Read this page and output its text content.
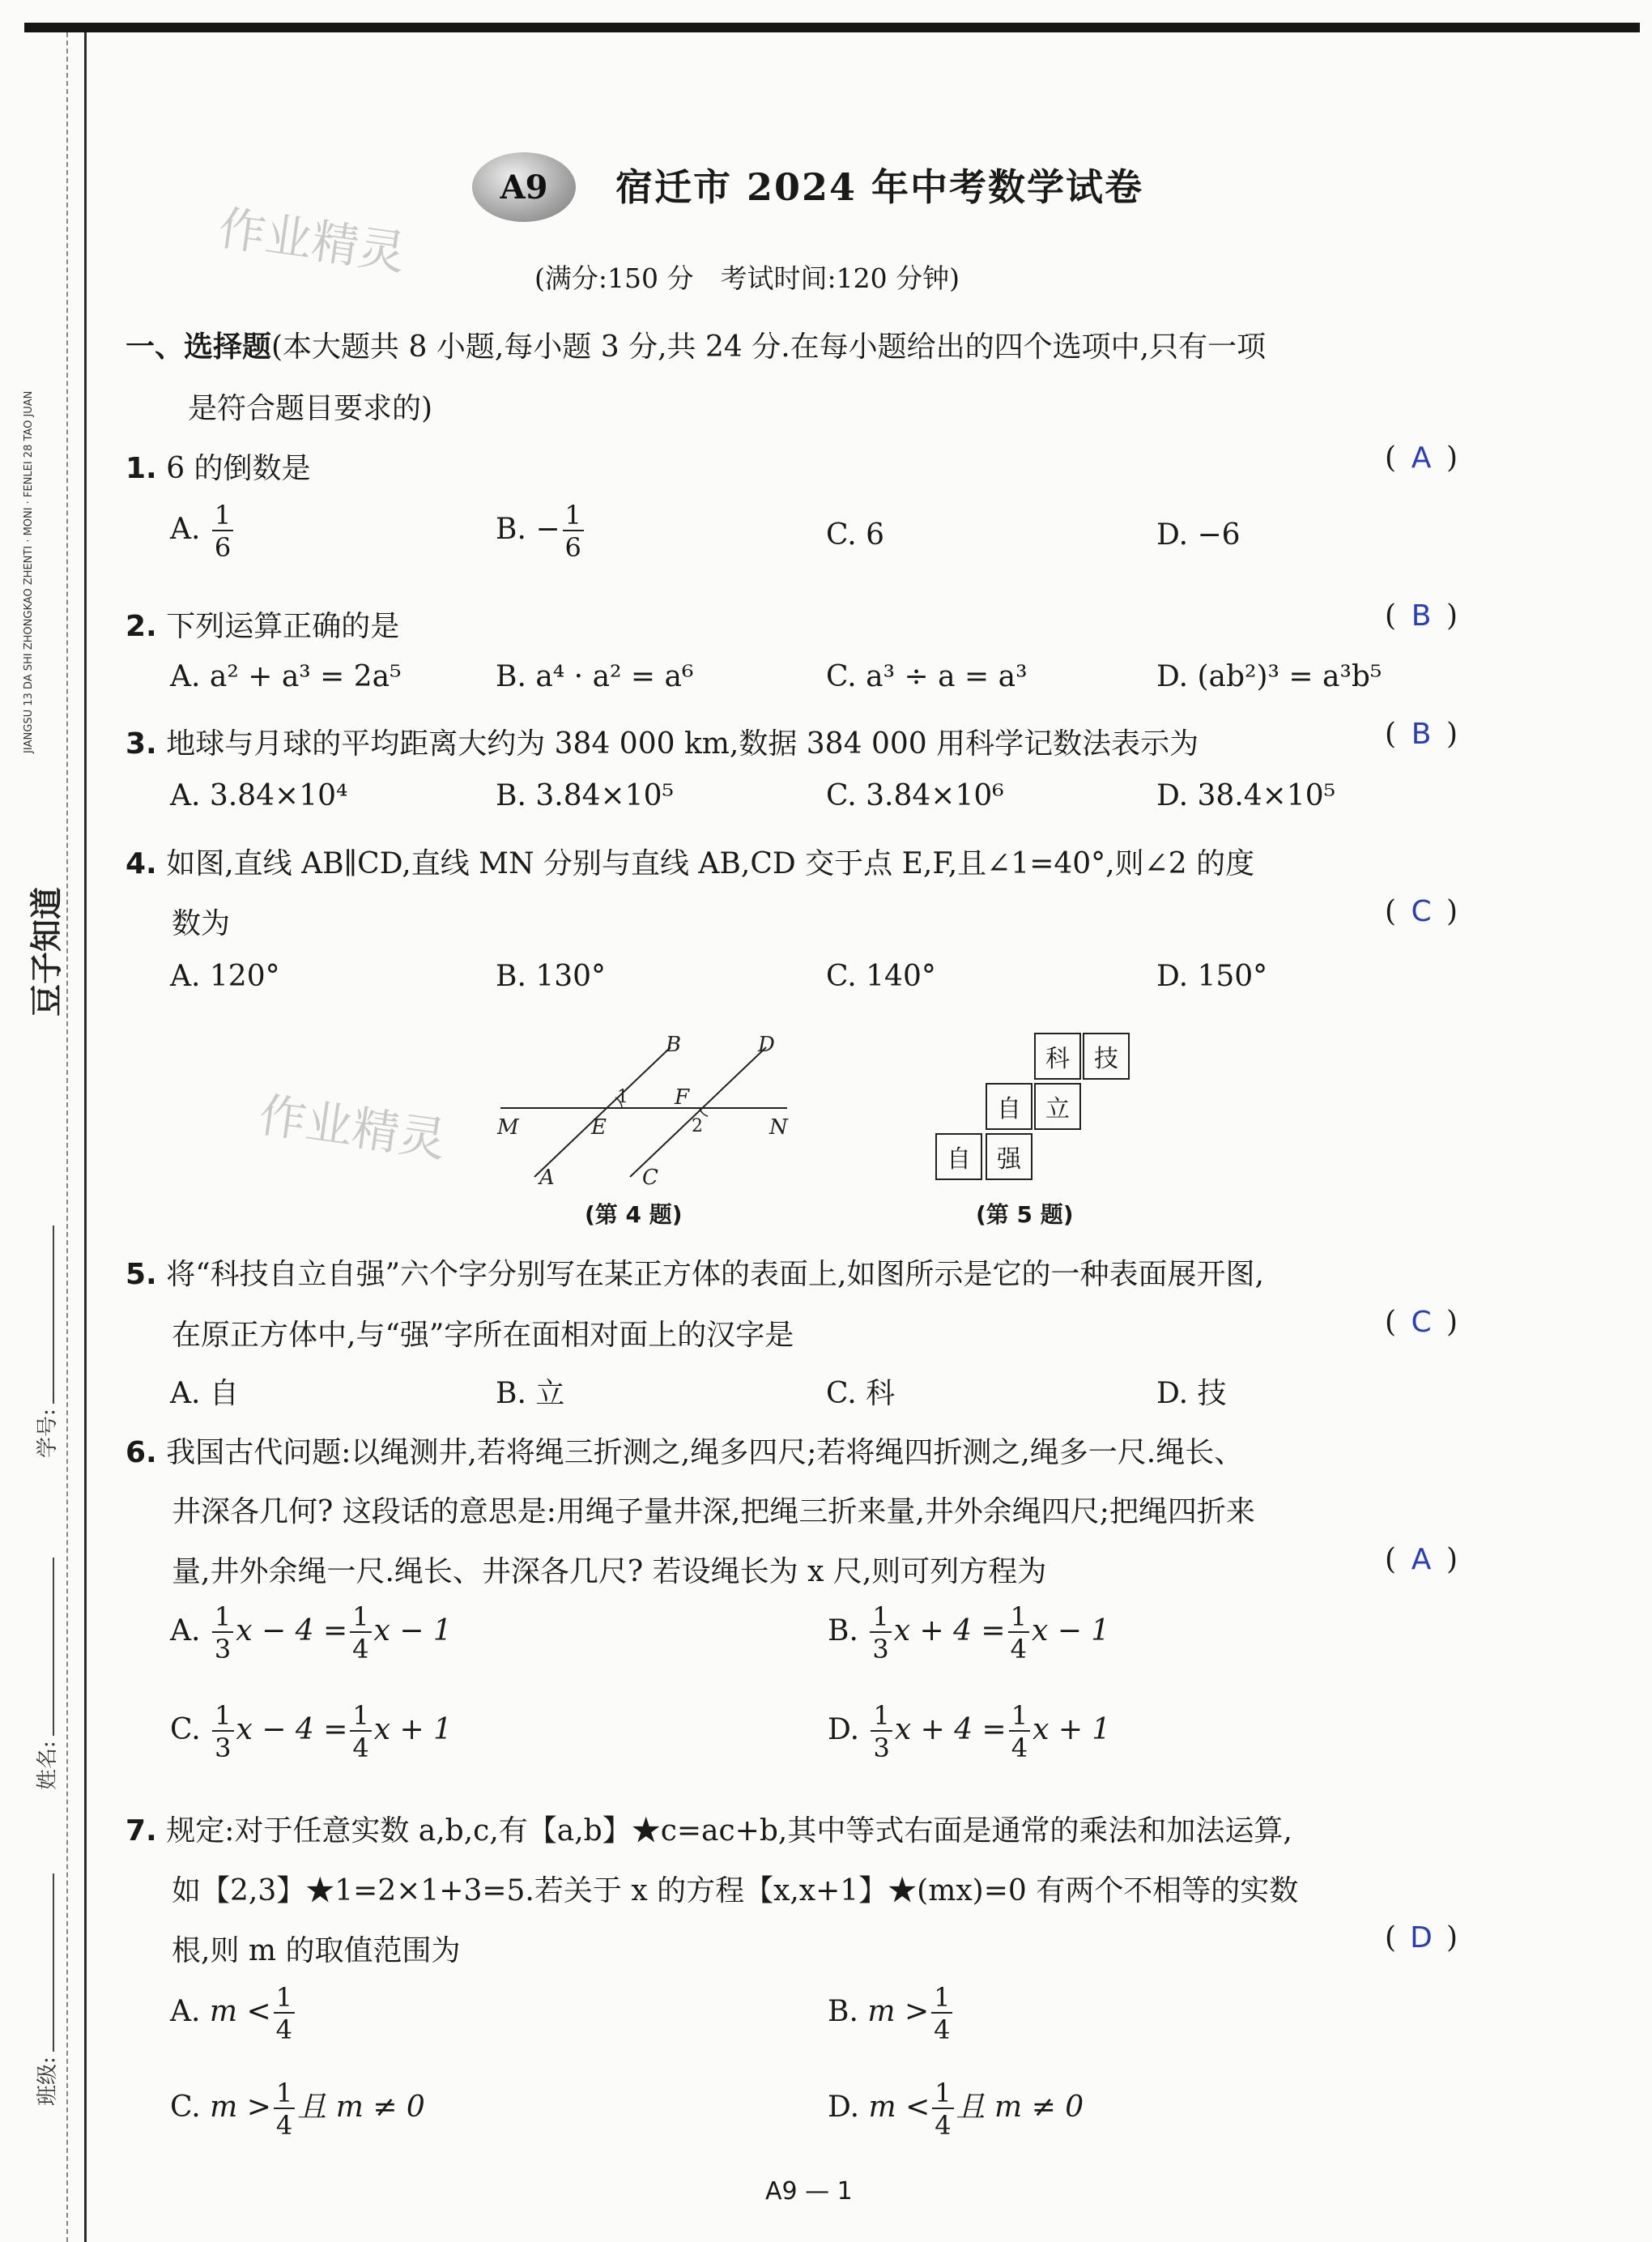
豆子知道
JIANGSU 13 DA SHI ZHONGKAO ZHENTI · MONI · FENLEI 28 TAO JUAN
班级:
姓名:
学号:
作业精灵
作业精灵
A9	宿迁市 2024 年中考数学试卷
(满分:150 分　考试时间:120 分钟)
一、选择题(本大题共 8 小题,每小题 3 分,共 24 分.在每小题给出的四个选项中,只有一项
是符合题目要求的)
1. 6 的倒数是	( A )
A. $\frac{1}{6}$	B. − $\frac{1}{6}$	C. 6	D. −6
2. 下列运算正确的是	( B )
A. a² + a³ = 2a⁵	B. a⁴ · a² = a⁶	C. a³ ÷ a = a³	D. (ab²)³ = a³b⁵
3. 地球与月球的平均距离大约为 384 000 km,数据 384 000 用科学记数法表示为	( B )
A. 3.84×10⁴	B. 3.84×10⁵	C. 3.84×10⁶	D. 38.4×10⁵
4. 如图,直线 AB∥CD,直线 MN 分别与直线 AB,CD 交于点 E,F,且∠1=40°,则∠2 的度
数为	( C )
A. 120°	B. 130°	C. 140°	D. 150°
B	D
M	E
F
N
A	C
1
2
(第 4 题)
科	技
自	立
自	强
(第 5 题)
5. 将“科技自立自强”六个字分别写在某正方体的表面上,如图所示是它的一种表面展开图,
在原正方体中,与“强”字所在面相对面上的汉字是	( C )
A. 自	B. 立	C. 科	D. 技
6. 我国古代问题:以绳测井,若将绳三折测之,绳多四尺;若将绳四折测之,绳多一尺.绳长、
井深各几何? 这段话的意思是:用绳子量井深,把绳三折来量,井外余绳四尺;把绳四折来
量,井外余绳一尺.绳长、井深各几尺? 若设绳长为 x 尺,则可列方程为	( A )
A. $\frac{1}{3}$ $x - 4 = \frac{1}{4}$ x − 1	B. $\frac{1}{3}$ $x + 4 = \frac{1}{4}$ x − 1
C. $\frac{1}{3}$ $x - 4 = \frac{1}{4}$ x + 1	D. $\frac{1}{3}$ $x + 4 = \frac{1}{4}$ x + 1
7. 规定:对于任意实数 a,b,c,有【a,b】★c=ac+b,其中等式右面是通常的乘法和加法运算,
如【2,3】★1=2×1+3=5.若关于 x 的方程【x,x+1】★(mx)=0 有两个不相等的实数
根,则 m 的取值范围为	( D )
A. $m < \frac{1}{4}$	B. $m > \frac{1}{4}$
C. $m > \frac{1}{4}$ 且 m ≠ 0	D. $m < \frac{1}{4}$ 且 m ≠ 0
A9 — 1
